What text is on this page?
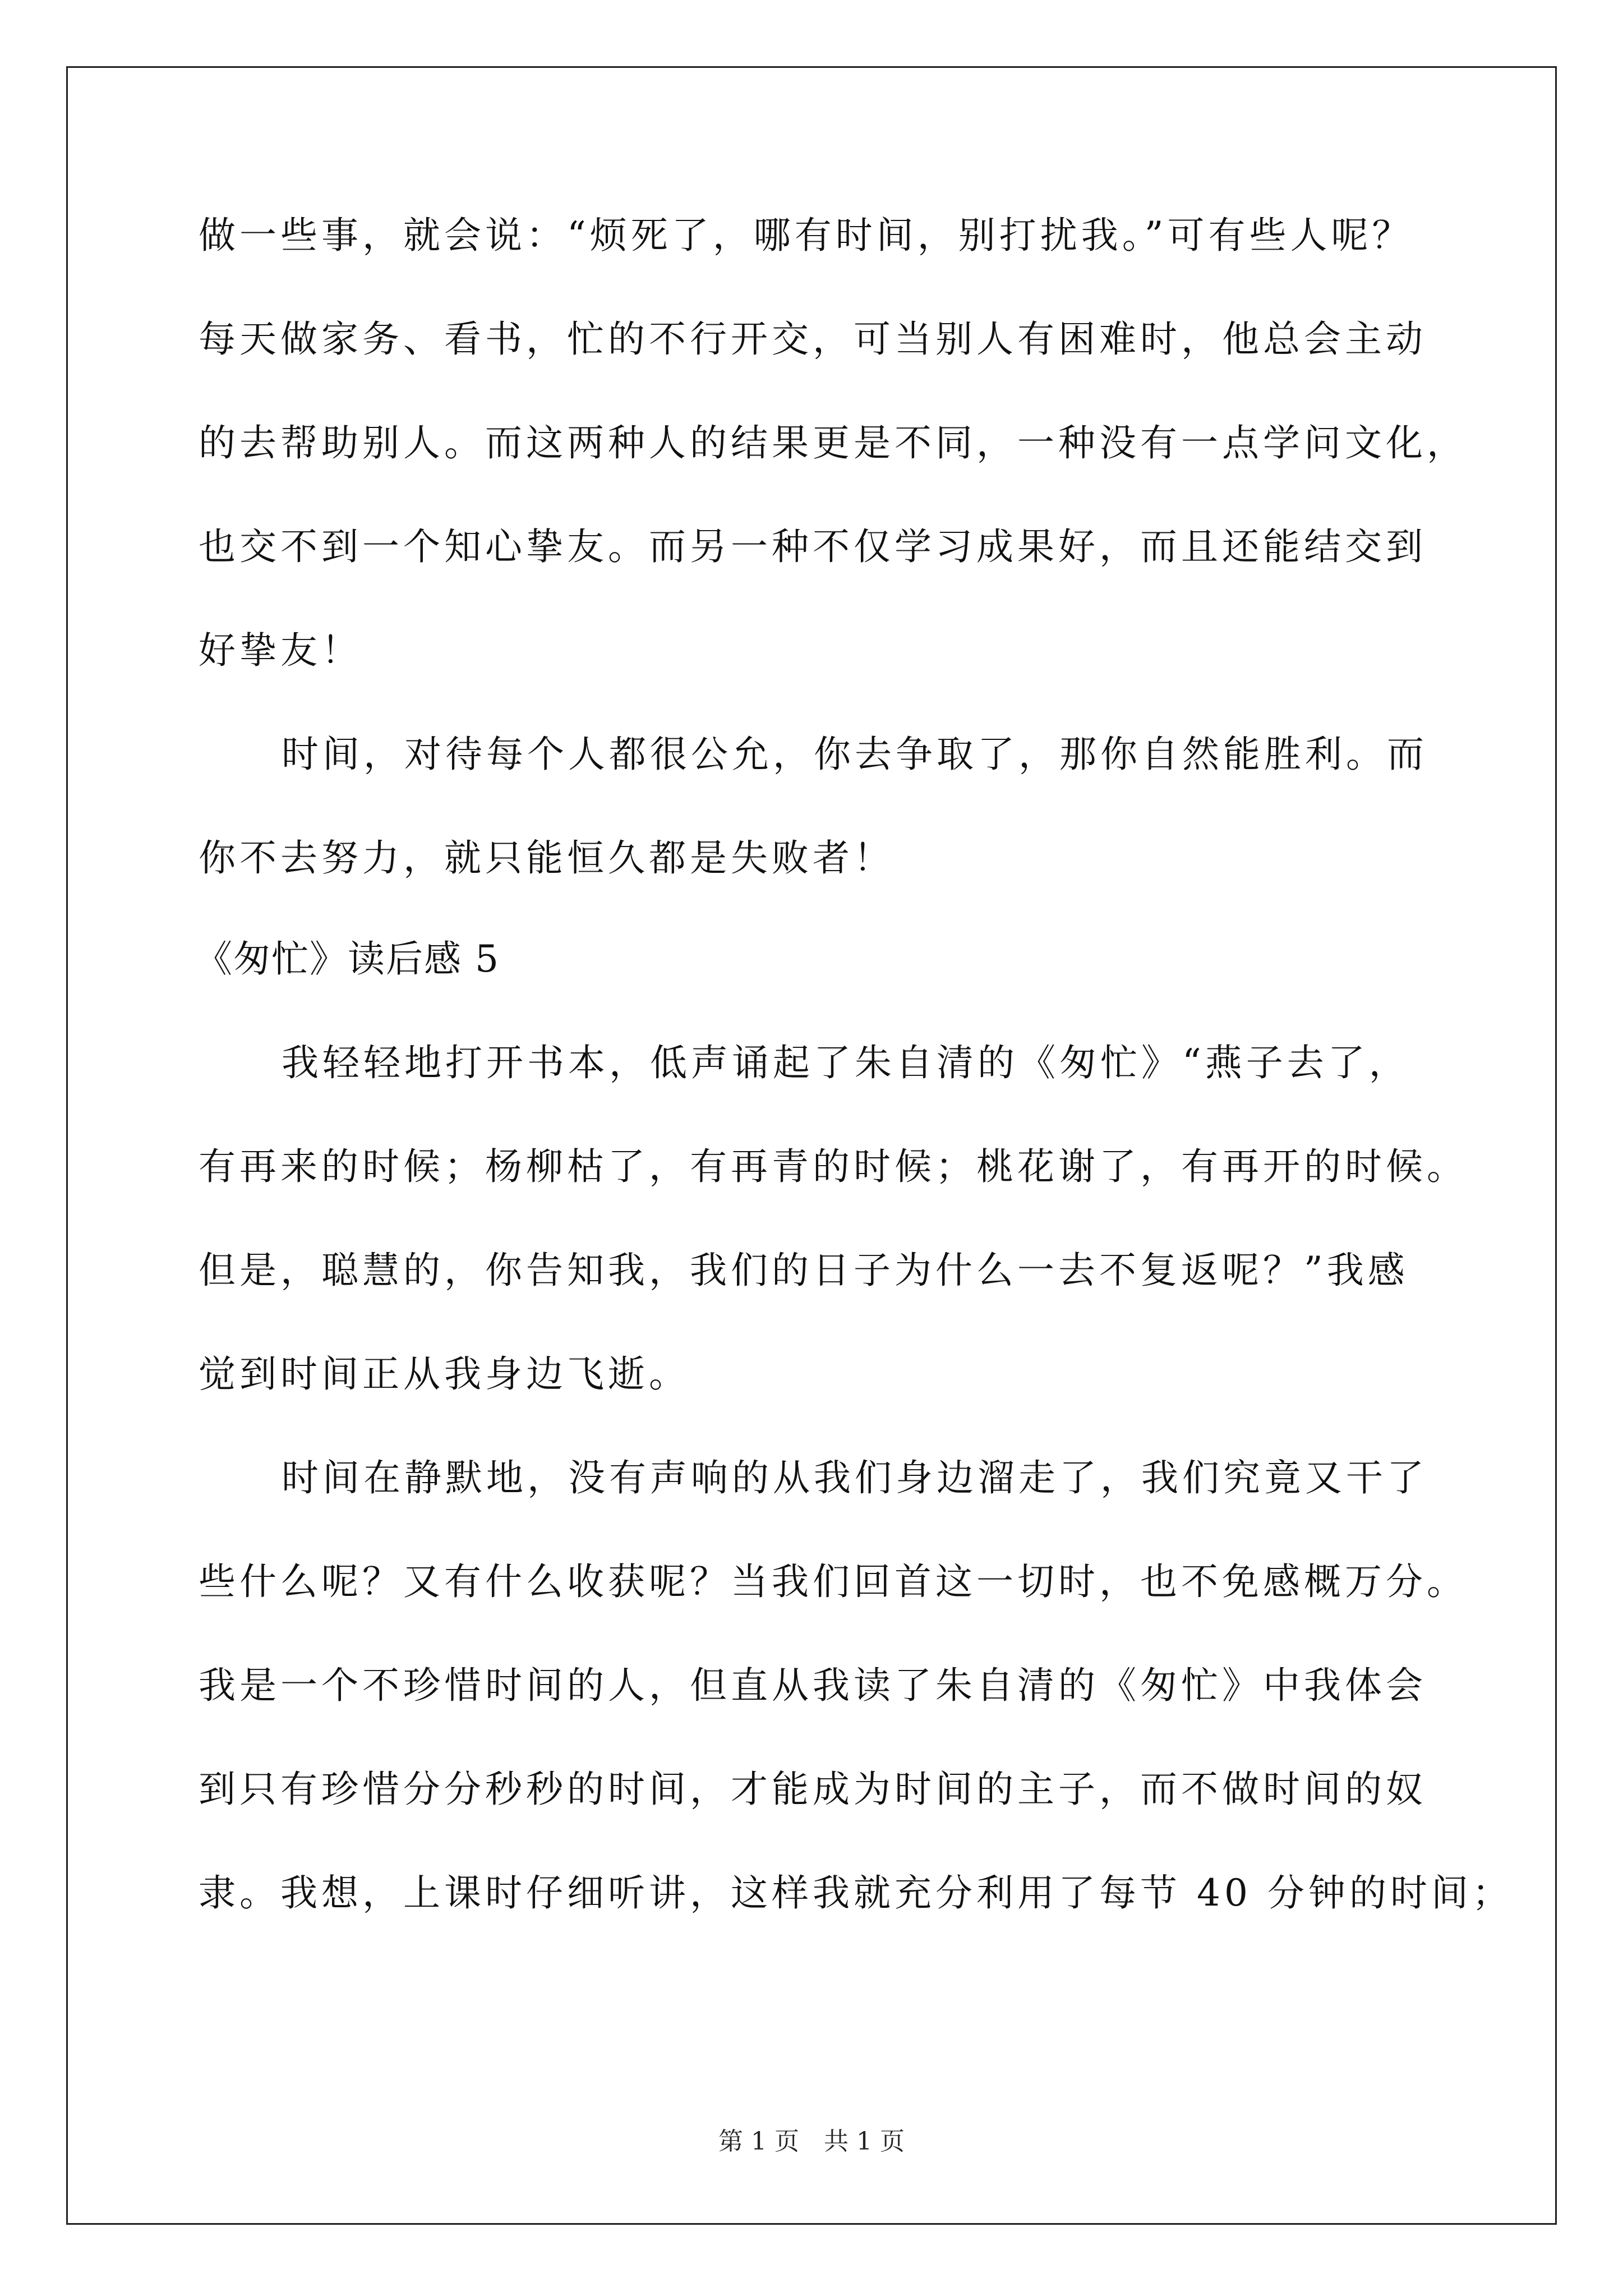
做一些事，就会说：“烦死了，哪有时间，别打扰我。”可有些人呢？
每天做家务、看书，忙的不行开交，可当别人有困难时，他总会主动
的去帮助别人。而这两种人的结果更是不同，一种没有一点学问文化，
也交不到一个知心挚友。而另一种不仅学习成果好，而且还能结交到
好挚友！
时间，对待每个人都很公允，你去争取了，那你自然能胜利。而
你不去努力，就只能恒久都是失败者！
《匆忙》读后感 5
我轻轻地打开书本，低声诵起了朱自清的《匆忙》“燕子去了，
有再来的时候；杨柳枯了，有再青的时候；桃花谢了，有再开的时候。
但是，聪慧的，你告知我，我们的日子为什么一去不复返呢？”我感
觉到时间正从我身边飞逝。
时间在静默地，没有声响的从我们身边溜走了，我们究竟又干了
些什么呢？又有什么收获呢？当我们回首这一切时，也不免感概万分。
我是一个不珍惜时间的人，但直从我读了朱自清的《匆忙》中我体会
到只有珍惜分分秒秒的时间，才能成为时间的主子，而不做时间的奴
隶。我想，上课时仔细听讲，这样我就充分利用了每节 40 分钟的时间；
第 1 页　共 1 页
